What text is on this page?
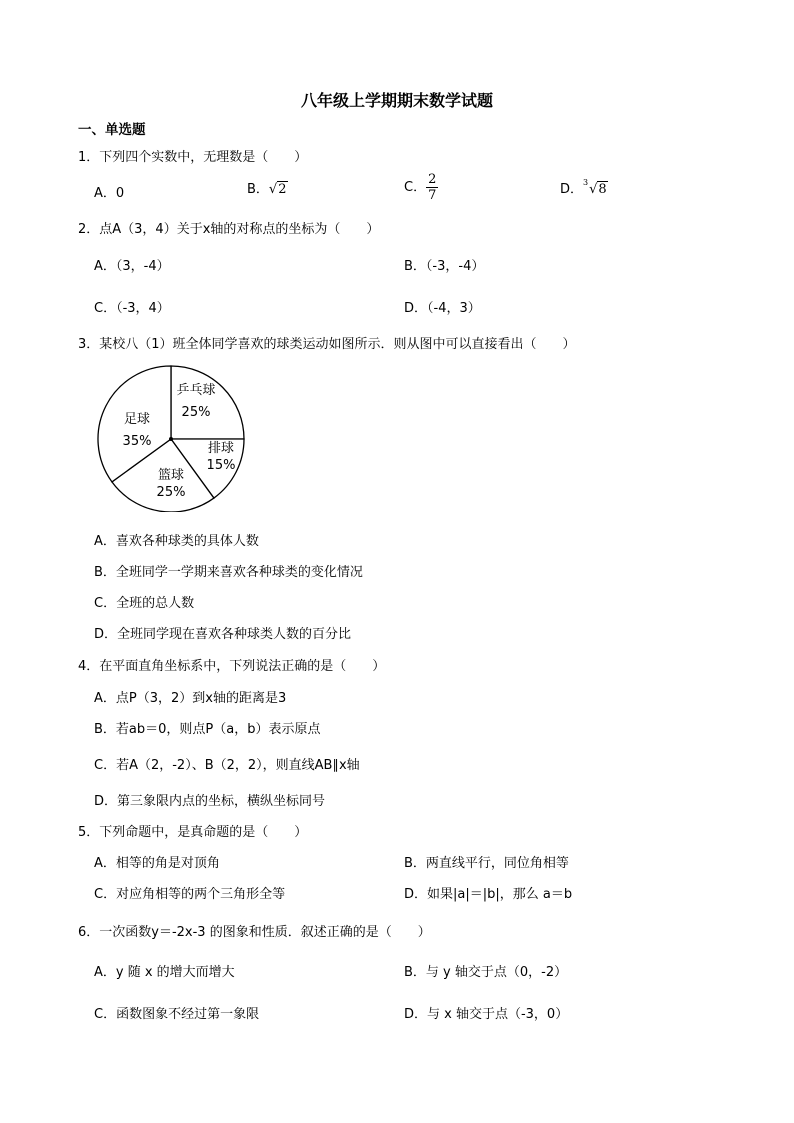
八年级上学期期末数学试题
一、单选题
1．下列四个实数中，无理数是（　　）
A．0	B．√2	C． $\frac{2}{7}$	D．$^3$√8
2．点A（3，4）关于x轴的对称点的坐标为（　　）
A．（3，-4）	B．（-3，-4）
C．（-3，4）	D．（-4，3）
3．某校八（1）班全体同学喜欢的球类运动如图所示．则从图中可以直接看出（　　）
乒乓球
25%
排球
15%
篮球
25%
足球
35%
A．喜欢各种球类的具体人数
B．全班同学一学期来喜欢各种球类的变化情况
C．全班的总人数
D．全班同学现在喜欢各种球类人数的百分比
4．在平面直角坐标系中，下列说法正确的是（　　）
A．点P（3，2）到x轴的距离是3
B．若ab＝0，则点P（a，b）表示原点
C．若A（2，-2）、B（2，2），则直线AB∥x轴
D．第三象限内点的坐标，横纵坐标同号
5．下列命题中，是真命题的是（　　）
A．相等的角是对顶角	B．两直线平行，同位角相等
C．对应角相等的两个三角形全等	D．如果|a|＝|b|，那么 a＝b
6．一次函数y＝-2x-3 的图象和性质．叙述正确的是（　　）
A．y 随 x 的增大而增大	B．与 y 轴交于点（0，-2）
C．函数图象不经过第一象限	D．与 x 轴交于点（-3，0）
